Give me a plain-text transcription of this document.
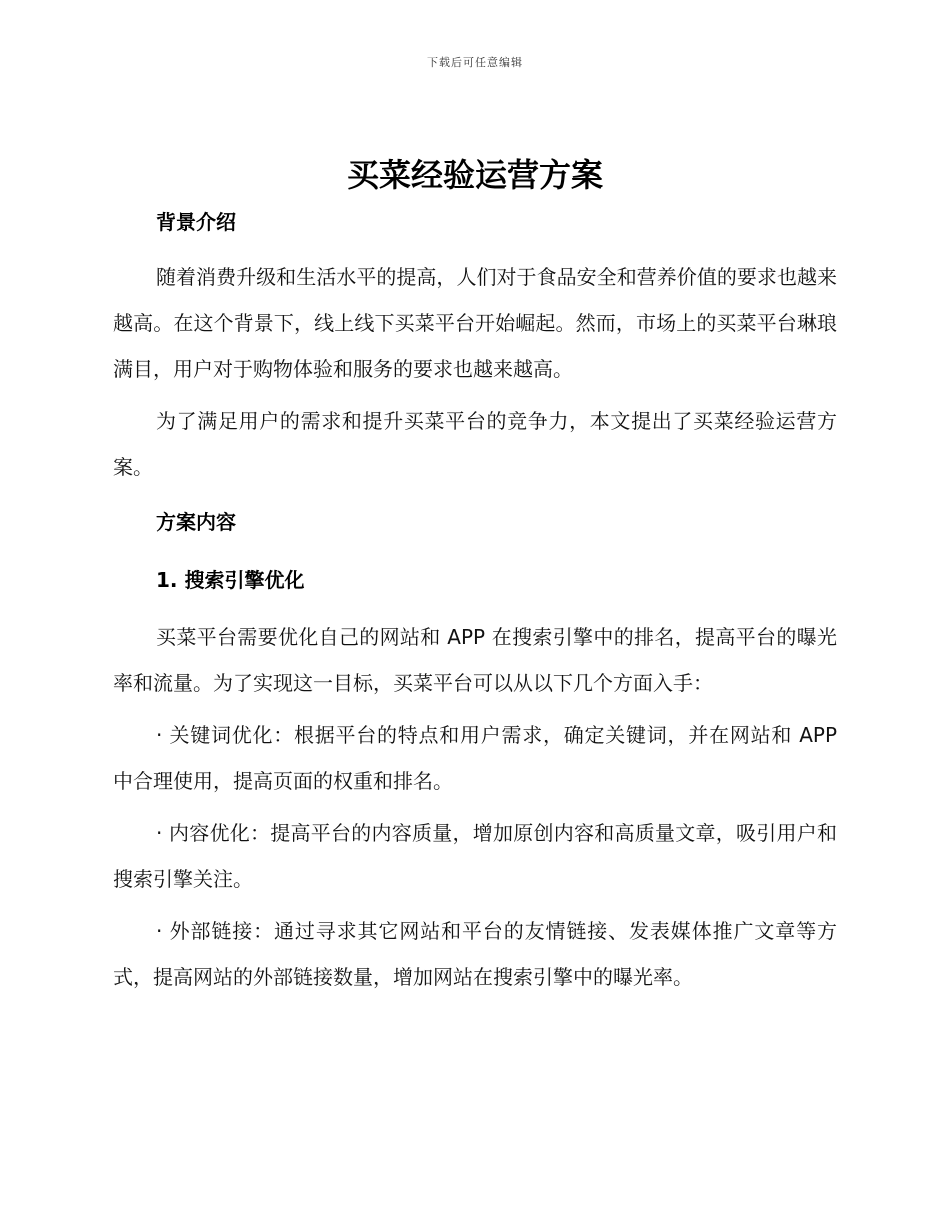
下载后可任意编辑
买菜经验运营方案
背景介绍

随着消费升级和生活水平的提高，人们对于食品安全和营养价值的要求也越来越高。在这个背景下，线上线下买菜平台开始崛起。然而，市场上的买菜平台琳琅满目，用户对于购物体验和服务的要求也越来越高。

为了满足用户的需求和提升买菜平台的竞争力，本文提出了买菜经验运营方案。

方案内容
1. 搜索引擎优化

买菜平台需要优化自己的网站和 APP 在搜索引擎中的排名，提高平台的曝光率和流量。为了实现这一目标，买菜平台可以从以下几个方面入手：

· 关键词优化：根据平台的特点和用户需求，确定关键词，并在网站和 APP 中合理使用，提高页面的权重和排名。

· 内容优化：提高平台的内容质量，增加原创内容和高质量文章，吸引用户和搜索引擎关注。

· 外部链接：通过寻求其它网站和平台的友情链接、发表媒体推广文章等方式，提高网站的外部链接数量，增加网站在搜索引擎中的曝光率。
